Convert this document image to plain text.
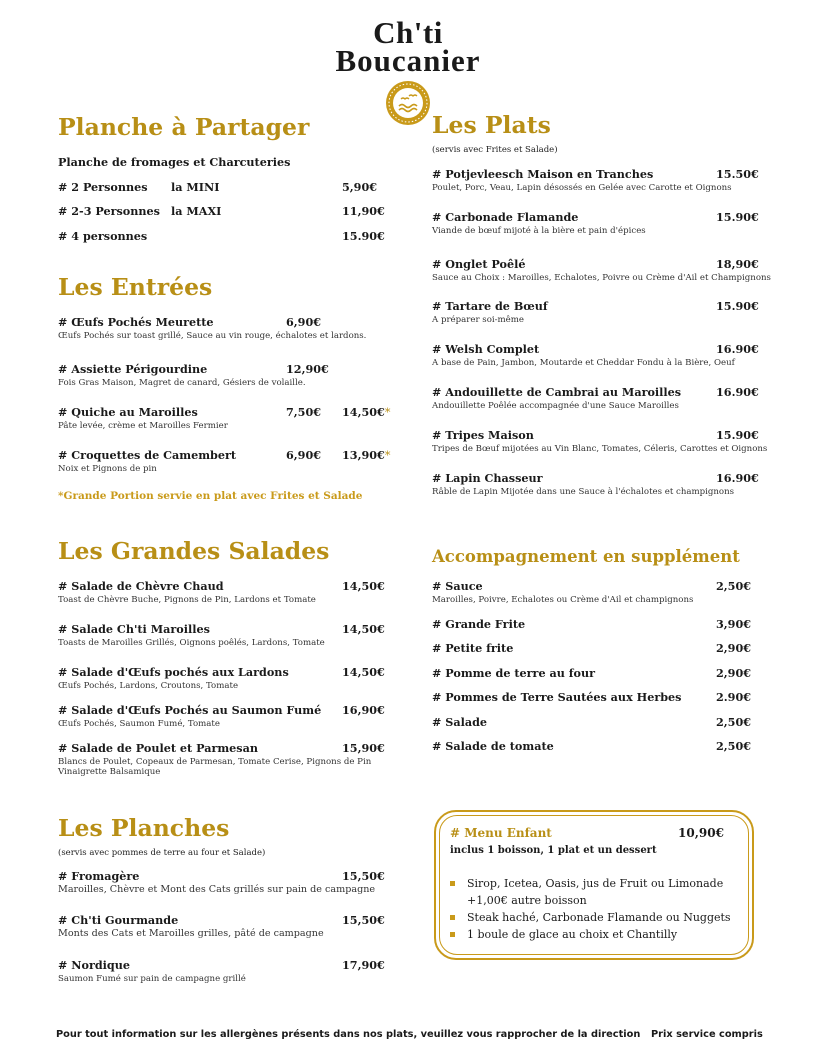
Ch'ti
Boucanier
Planche à Partager
Planche de fromages et Charcuteries
# 2 Personnes la MINI	5,90€
# 2-3 Personnes la MAXI	11,90€
# 4 personnes	15.90€
Les Entrées
# Œufs Pochés Meurette
Œufs Pochés sur toast grillé, Sauce au vin rouge, échalotes et lardons.
6,90€
# Assiette Périgourdine
Fois Gras Maison, Magret de canard, Gésiers de volaille.
12,90€
# Quiche au Maroilles
Pâte levée, crème et Maroilles Fermier
7,50€ 14,50€*
# Croquettes de Camembert
Noix et Pignons de pin
6,90€ 13,90€*
*Grande Portion servie en plat avec Frites et Salade
Les Grandes Salades
# Salade de Chèvre Chaud
Toast de Chèvre Buche, Pignons de Pin, Lardons et Tomate
14,50€
# Salade Ch'ti Maroilles
Toasts de Maroilles Grillés, Oignons poêlés, Lardons, Tomate
14,50€
# Salade d'Œufs pochés aux Lardons
Œufs Pochés, Lardons, Croutons, Tomate
14,50€
# Salade d'Œufs Pochés au Saumon Fumé
Œufs Pochés, Saumon Fumé, Tomate
16,90€
# Salade de Poulet et Parmesan
Blancs de Poulet, Copeaux de Parmesan, Tomate Cerise, Pignons de Pin
Vinaigrette Balsamique
15,90€
Les Planches
(servis avec pommes de terre au four et Salade)
# Fromagère
Maroilles, Chèvre et Mont des Cats grillés sur pain de campagne
15,50€
# Ch'ti Gourmande
Monts des Cats et Maroilles grilles, pâté de campagne
15,50€
# Nordique
Saumon Fumé sur pain de campagne grillé
17,90€
Les Plats
(servis avec Frites et Salade)
# Potjevleesch Maison en Tranches
Poulet, Porc, Veau, Lapin désossés en Gelée avec Carotte et Oignons
15.50€
# Carbonade Flamande
Viande de bœuf mijoté à la bière et pain d'épices
15.90€
# Onglet Poêlé
Sauce au Choix : Maroilles, Echalotes, Poivre ou Crème d'Ail et Champignons
18,90€
# Tartare de Bœuf
A préparer soi-même
15.90€
# Welsh Complet
A base de Pain, Jambon, Moutarde et Cheddar Fondu à la Bière, Oeuf
16.90€
# Andouillette de Cambrai au Maroilles
Andouillette Poêlée accompagnée d'une Sauce Maroilles
16.90€
# Tripes Maison
Tripes de Bœuf mijotées au Vin Blanc, Tomates, Céleris, Carottes et Oignons
15.90€
# Lapin Chasseur
Râble de Lapin Mijotée dans une Sauce à l'échalotes et champignons
16.90€
Accompagnement en supplément
# Sauce
Maroilles, Poivre, Echalotes ou Crème d'Ail et champignons
2,50€
# Grande Frite	3,90€
# Petite frite	2,90€
# Pomme de terre au four	2,90€
# Pommes de Terre Sautées aux Herbes	2.90€
# Salade	2,50€
# Salade de tomate	2,50€
# Menu Enfant	10,90€
inclus 1 boisson, 1 plat et un dessert
Sirop, Icetea, Oasis, jus de Fruit ou Limonade
+1,00€ autre boisson
Steak haché, Carbonade Flamande ou Nuggets
1 boule de glace au choix et Chantilly
Pour tout information sur les allergènes présents dans nos plats, veuillez vous rapprocher de la direction Prix service compris
